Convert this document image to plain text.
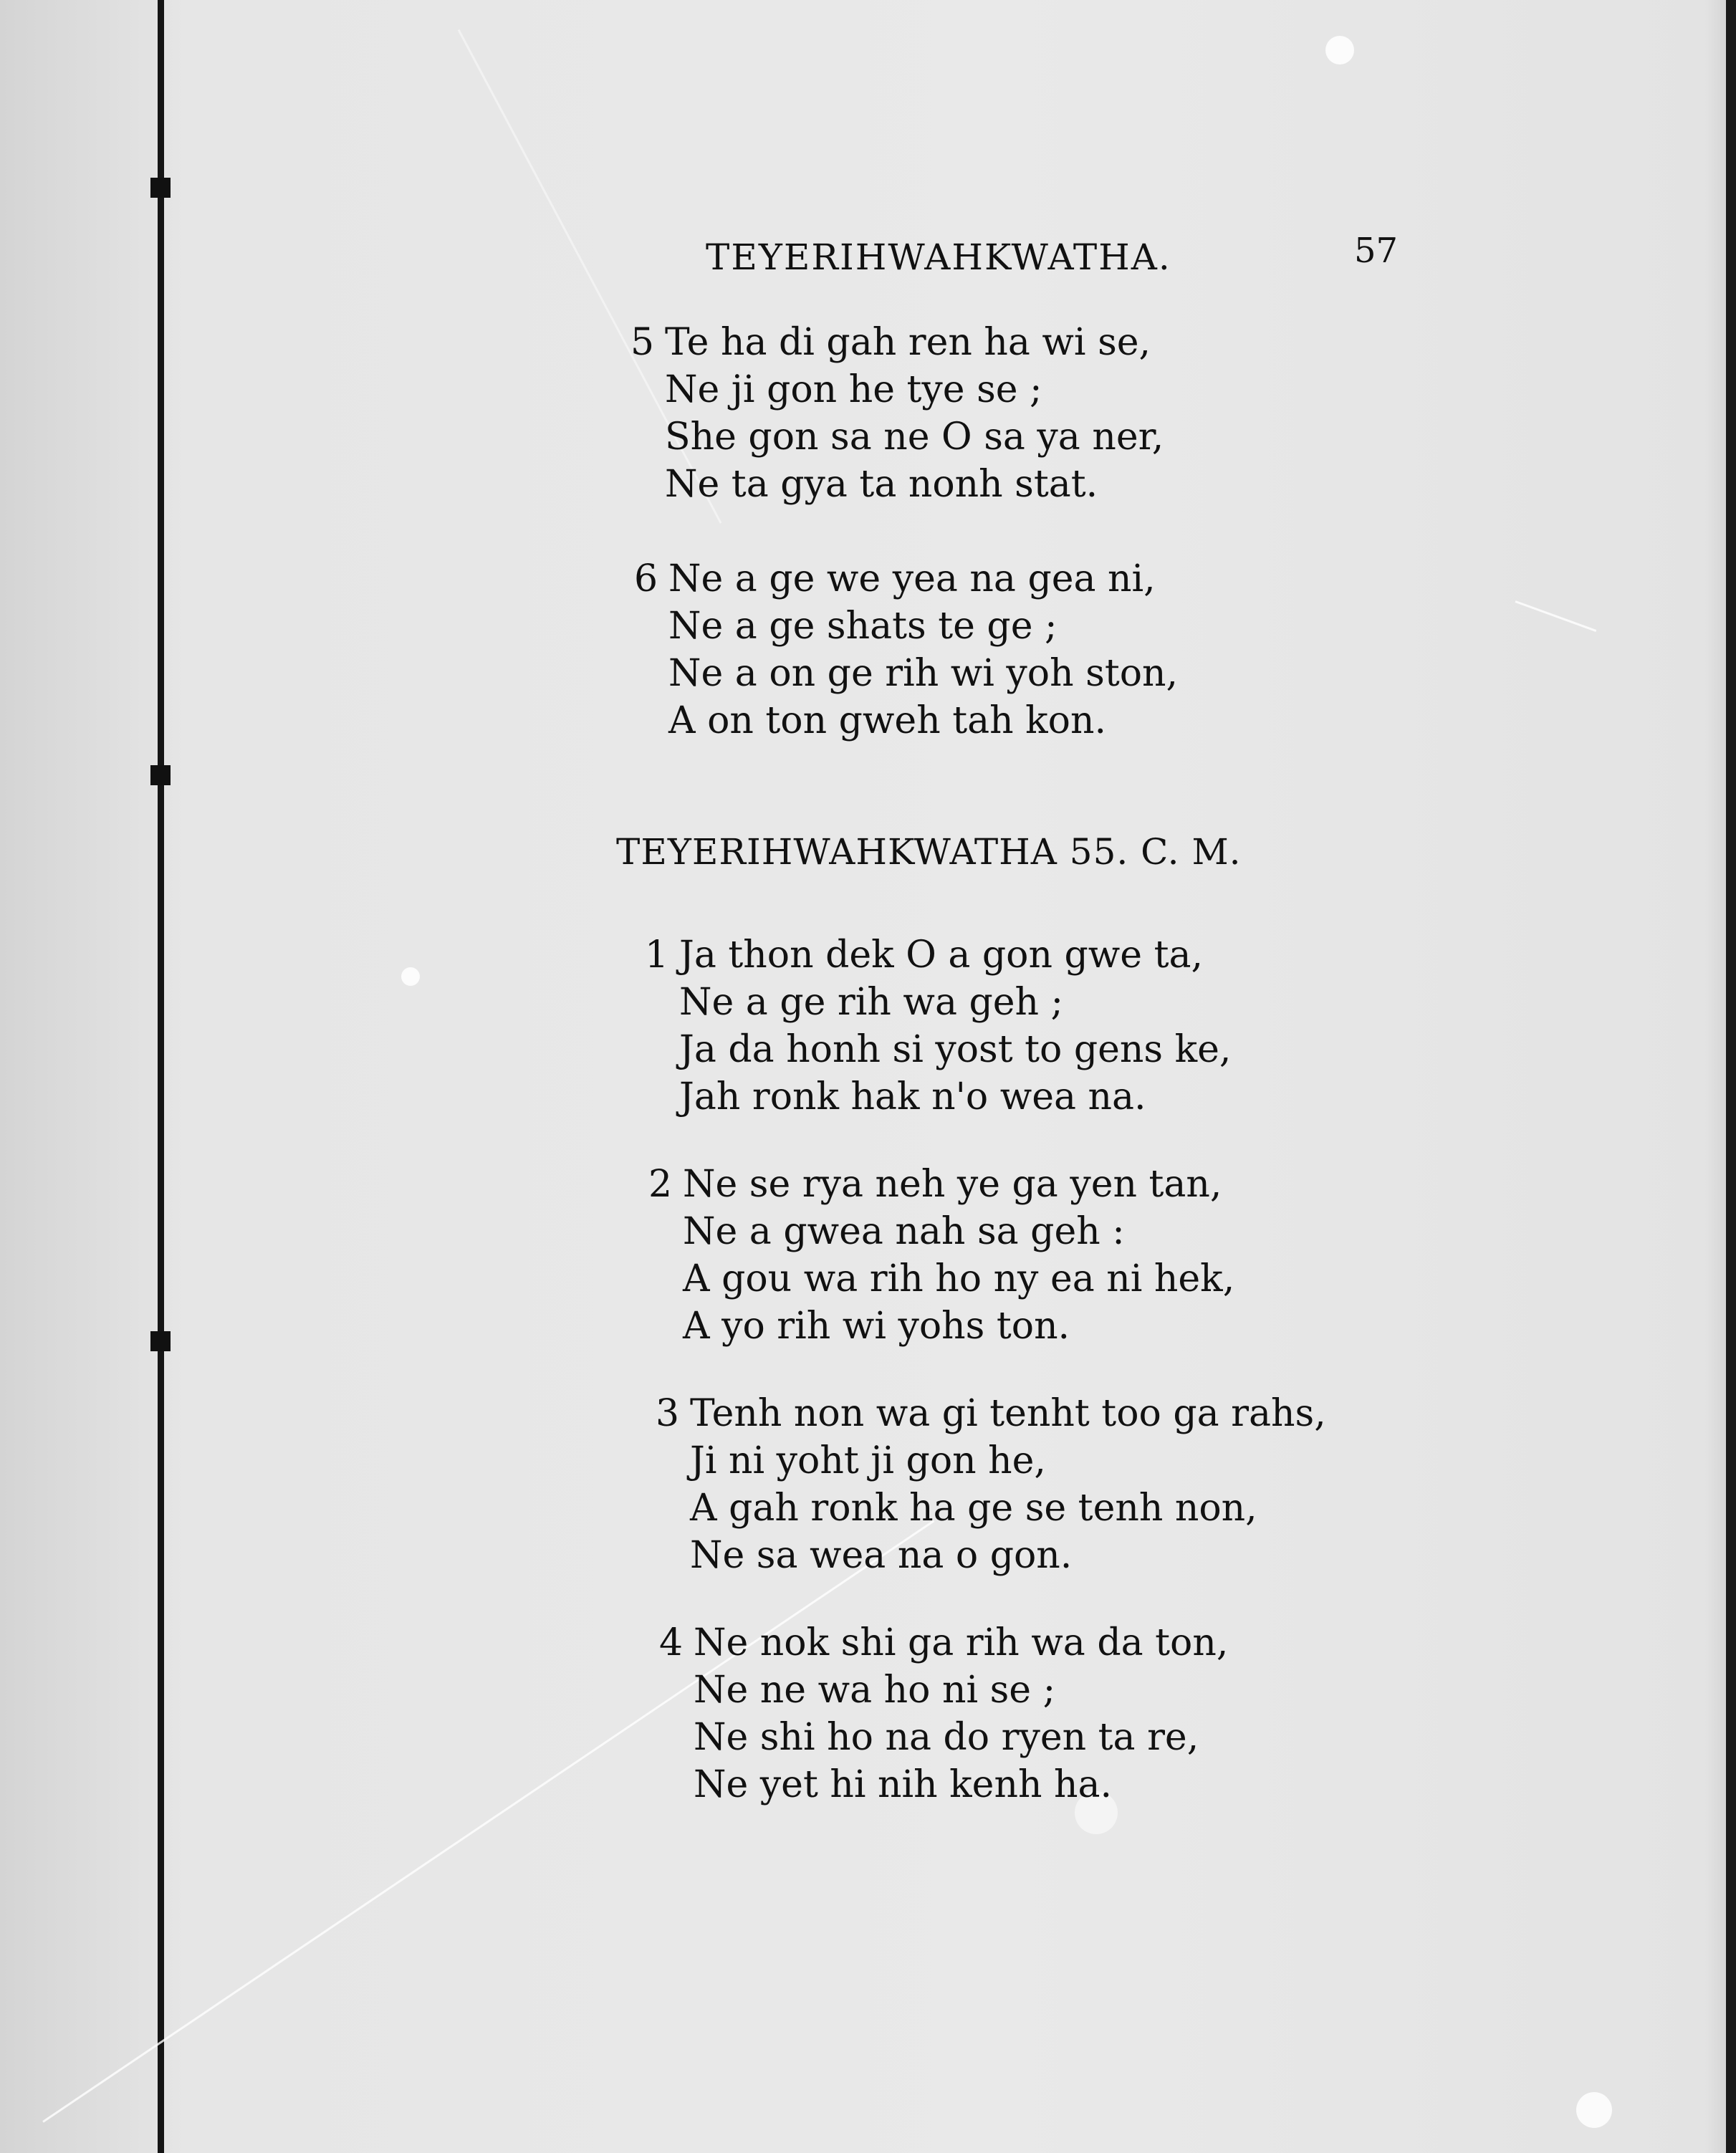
TEYERIHWAHKWATHA.	57
5 Te ha di gah ren ha wi se,
Ne ji gon he tye se ;
She gon sa ne O sa ya ner,
Ne ta gya ta nonh stat.
6 Ne a ge we yea na gea ni,
Ne a ge shats te ge ;
Ne a on ge rih wi yoh ston,
A on ton gweh tah kon.
TEYERIHWAHKWATHA 55. C. M.
1 Ja thon dek O a gon gwe ta,
Ne a ge rih wa geh ;
Ja da honh si yost to gens ke,
Jah ronk hak n'o wea na.
2 Ne se rya neh ye ga yen tan,
Ne a gwea nah sa geh :
A gou wa rih ho ny ea ni hek,
A yo rih wi yohs ton.
3 Tenh non wa gi tenht too ga rahs,
Ji ni yoht ji gon he,
A gah ronk ha ge se tenh non,
Ne sa wea na o gon.
4 Ne nok shi ga rih wa da ton,
Ne ne wa ho ni se ;
Ne shi ho na do ryen ta re,
Ne yet hi nih kenh ha.
